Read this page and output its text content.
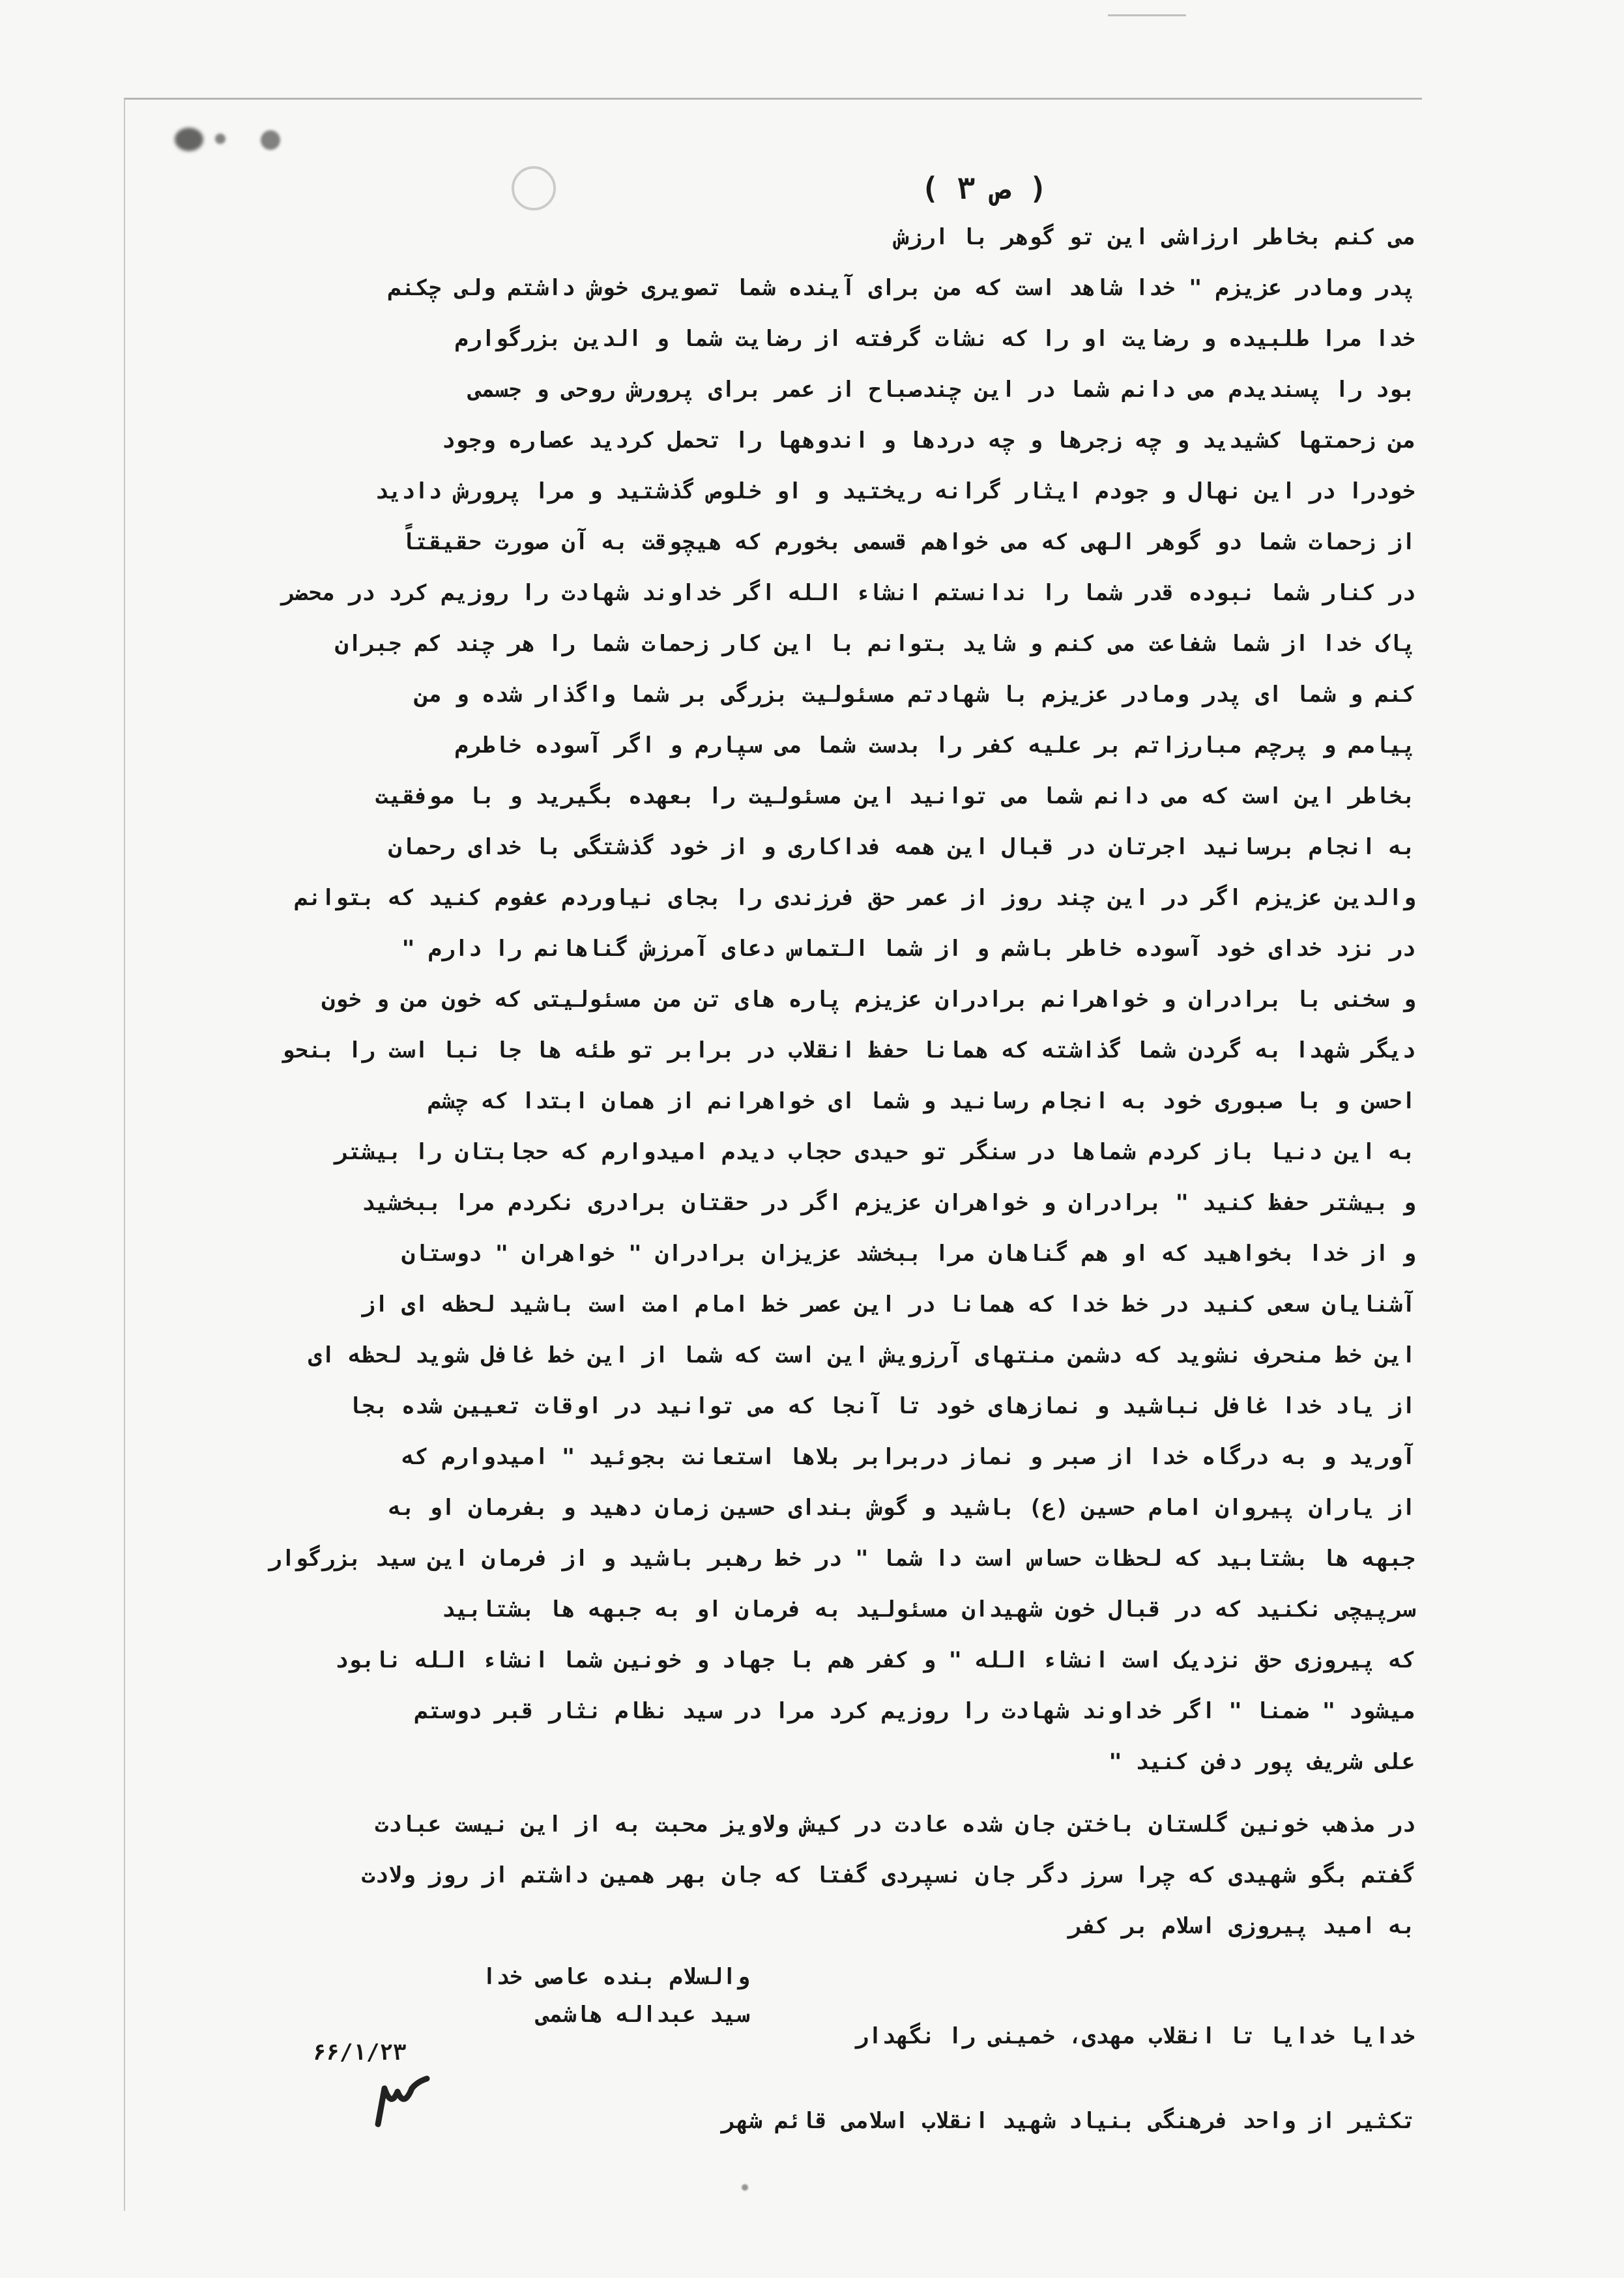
( ص ۳ )
می کنم بخاطر ارزاشی این تو گوهر با ارزش
پدر ومادر عزیزم " خدا شاهد است که من برای آینده شما تصویری خوش داشتم ولی چکنم
خدا مرا طلبیده و رضایت او را که نشات گرفته از رضایت شما و الدین بزرگوارم
بود را پسندیدم می دانم شما در این چندصباح از عمر برای پرورش روحی و جسمی
من زحمتها کشیدید و چه زجرها و چه دردها و اندوهها را تحمل کردید عصاره وجود
خودرا در این نهال و جودم ایثار گرانه ریختید و او خلوص گذشتید و مرا پرورش دادید
از زحمات شما دو گوهر الهی که می خواهم قسمی بخورم که هیچوقت به آن صورت حقیقتاً
در کنار شما نبوده قدر شما را ندانستم انشاء الله اگر خداوند شهادت را روزیم کرد در محضر
پاک خدا از شما شفاعت می کنم و شاید بتوانم با این کار زحمات شما را هر چند کم جبران
کنم و شما ای پدر ومادر عزیزم با شهادتم مسئولیت بزرگی بر شما واگذار شده و من
پیامم و پرچم مبارزاتم بر علیه کفر را بدست شما می سپارم و اگر آسوده خاطرم
بخاطر این است که می دانم شما می توانید این مسئولیت را بعهده بگیرید و با موفقیت
به انجام برسانید اجرتان در قبال این همه فداکاری و از خود گذشتگی با خدای رحمان
والدین عزیزم اگر در این چند روز از عمر حق فرزندی را بجای نیاوردم عفوم کنید که بتوانم
در نزد خدای خود آسوده خاطر باشم و از شما التماس دعای آمرزش گناهانم را دارم "
و سخنی با برادران و خواهرانم برادران عزیزم پاره های تن من مسئولیتی که خون من و خون
دیگر شهدا به گردن شما گذاشته که همانا حفظ انقلاب در برابر تو طئه ها جا نبا است را بنحو
احسن و با صبوری خود به انجام رسانید و شما ای خواهرانم از همان ابتدا که چشم
به این دنیا باز کردم شماها در سنگر تو حیدی حجاب دیدم امیدوارم که حجابتان را بیشتر
و بیشتر حفظ کنید " برادران و خواهران عزیزم اگر در حقتان برادری نکردم مرا ببخشید
و از خدا بخواهید که او هم گناهان مرا ببخشد عزیزان برادران " خواهران " دوستان
آشنایان سعی کنید در خط خدا که همانا در این عصر خط امام امت است باشید لحظه ای از
این خط منحرف نشوید که دشمن منتهای آرزویش این است که شما از این خط غافل شوید لحظه ای
از یاد خدا غافل نباشید و نمازهای خود تا آنجا که می توانید در اوقات تعیین شده بجا
آورید و به درگاه خدا از صبر و نماز دربرابر بلاها استعانت بجوئید " امیدوارم که
از یاران پیروان امام حسین (ع) باشید و گوش بندای حسین زمان دهید و بفرمان او به
جبهه ها بشتابید که لحظات حساس است دا شما " در خط رهبر باشید و از فرمان این سید بزرگوار
سرپیچی نکنید که در قبال خون شهیدان مسئولید به فرمان او به جبهه ها بشتابید
که پیروزی حق نزدیک است انشاء الله " و کفر هم با جهاد و خونین شما انشاء الله نابود
میشود " ضمنا " اگر خداوند شهادت را روزیم کرد مرا در سید نظام نثار قبر دوستم
علی شریف پور دفن کنید "
در مذهب خونین گلستان باختن جان شده عادت در کیش ولاویز محبت به از این نیست عبادت
گفتم بگو شهیدی که چرا سرز دگر جان نسپردی گفتا که جان بهر همین داشتم از روز ولادت
به امید پیروزی اسلام بر کفر
والسلام بنده عاصی خدا
سید عبداله هاشمی
۶۶/۱/۲۳
خدایا خدایا تا انقلاب مهدی، خمینی را نگهدار
تکثیر از واحد فرهنگی بنیاد شهید انقلاب اسلامی قائم شهر
